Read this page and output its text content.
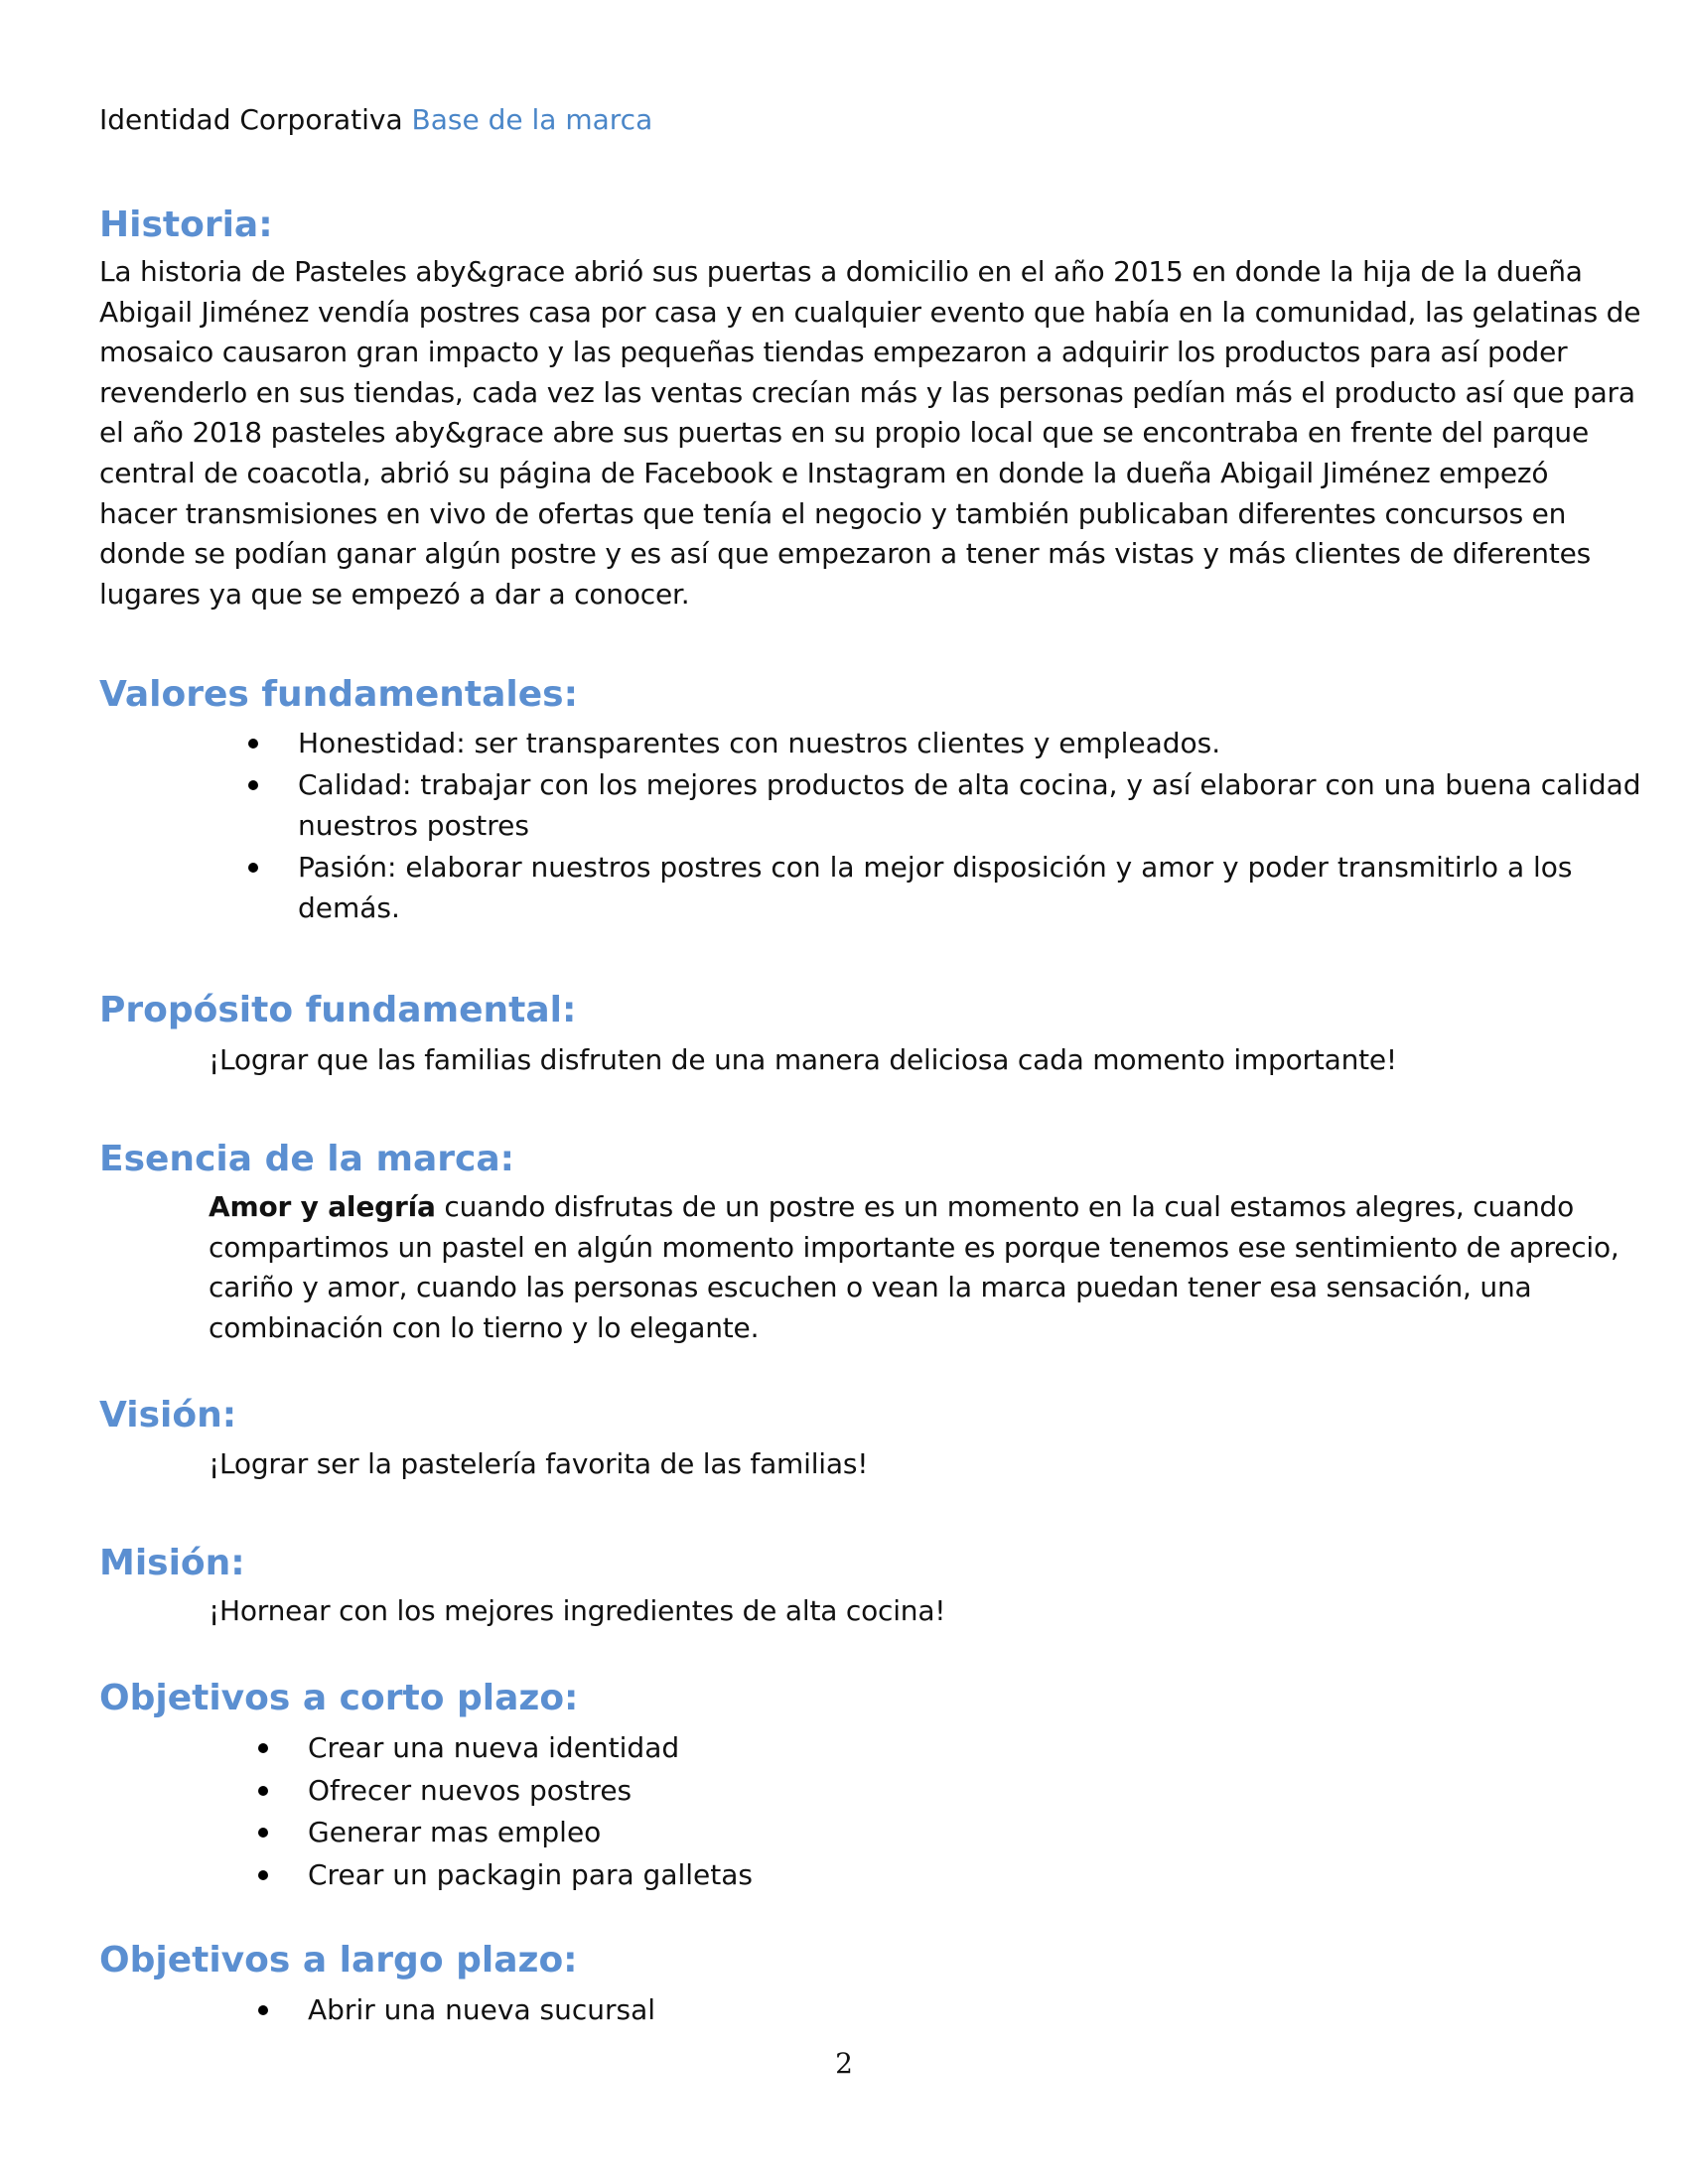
Identidad Corporativa Base de la marca
Historia:
La historia de Pasteles aby&grace abrió sus puertas a domicilio en el año 2015 en donde la hija de la dueña
Abigail Jiménez vendía postres casa por casa y en cualquier evento que había en la comunidad, las gelatinas de
mosaico causaron gran impacto y las pequeñas tiendas empezaron a adquirir los productos para así poder
revenderlo en sus tiendas, cada vez las ventas crecían más y las personas pedían más el producto así que para
el año 2018 pasteles aby&grace abre sus puertas en su propio local que se encontraba en frente del parque
central de coacotla, abrió su página de Facebook e Instagram en donde la dueña Abigail Jiménez empezó
hacer transmisiones en vivo de ofertas que tenía el negocio y también publicaban diferentes concursos en
donde se podían ganar algún postre y es así que empezaron a tener más vistas y más clientes de diferentes
lugares ya que se empezó a dar a conocer.
Valores fundamentales:
Honestidad: ser transparentes con nuestros clientes y empleados.
Calidad: trabajar con los mejores productos de alta cocina, y así elaborar con una buena calidad
nuestros postres
Pasión: elaborar nuestros postres con la mejor disposición y amor y poder transmitirlo a los
demás.
Propósito fundamental:
¡Lograr que las familias disfruten de una manera deliciosa cada momento importante!
Esencia de la marca:
Amor y alegría cuando disfrutas de un postre es un momento en la cual estamos alegres, cuando
compartimos un pastel en algún momento importante es porque tenemos ese sentimiento de aprecio,
cariño y amor, cuando las personas escuchen o vean la marca puedan tener esa sensación, una
combinación con lo tierno y lo elegante.
Visión:
¡Lograr ser la pastelería favorita de las familias!
Misión:
¡Hornear con los mejores ingredientes de alta cocina!
Objetivos a corto plazo:
Crear una nueva identidad
Ofrecer nuevos postres
Generar mas empleo
Crear un packagin para galletas
Objetivos a largo plazo:
Abrir una nueva sucursal
2
